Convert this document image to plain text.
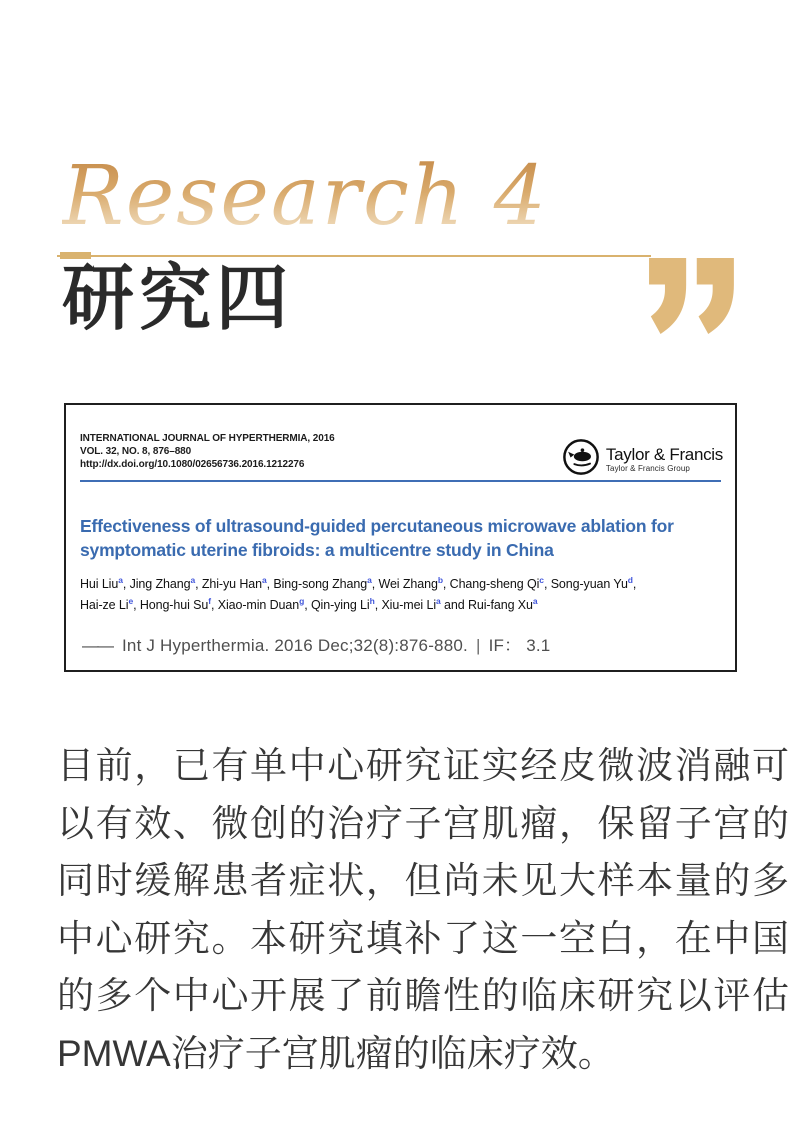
Research 4
研究四
INTERNATIONAL JOURNAL OF HYPERTHERMIA, 2016
VOL. 32, NO. 8, 876–880
http://dx.doi.org/10.1080/02656736.2016.1212276
Taylor & Francis
Taylor & Francis Group
Effectiveness of ultrasound-guided percutaneous microwave ablation for symptomatic uterine fibroids: a multicentre study in China
Hui Liu$^a$, Jing Zhang$^a$, Zhi-yu Han$^a$, Bing-song Zhang$^a$, Wei Zhang$^b$, Chang-sheng Qi$^c$, Song-yuan Yu$^d$,
Hai-ze Li$^e$, Hong-hui Su$^f$, Xiao-min Duan$^g$, Qin-ying Li$^h$, Xiu-mei Li$^a$ and Rui-fang Xu$^a$

—— Int J Hyperthermia. 2016 Dec;32(8):876-880. | IF： 3.1

目前，已有单中心研究证实经皮微波消融可以有效、微创的治疗子宫肌瘤，保留子宫的同时缓解患者症状，但尚未见大样本量的多中心研究。本研究填补了这一空白，在中国的多个中心开展了前瞻性的临床研究以评估PMWA治疗子宫肌瘤的临床疗效。
